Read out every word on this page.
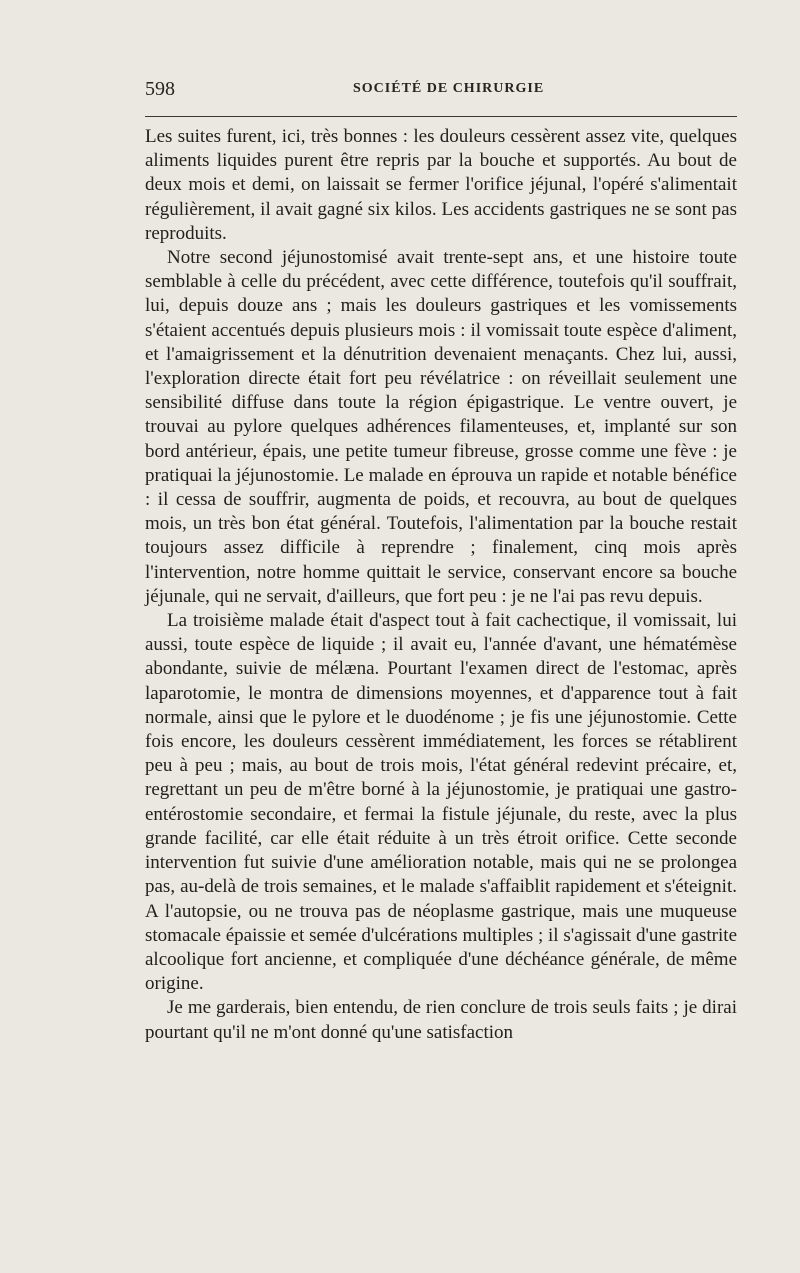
598	SOCIÉTÉ DE CHIRURGIE

Les suites furent, ici, très bonnes : les douleurs cessèrent assez vite, quelques aliments liquides purent être repris par la bouche et supportés. Au bout de deux mois et demi, on laissait se fermer l'orifice jéjunal, l'opéré s'alimentait régulièrement, il avait gagné six kilos. Les accidents gastriques ne se sont pas reproduits.

Notre second jéjunostomisé avait trente-sept ans, et une histoire toute semblable à celle du précédent, avec cette différence, toutefois qu'il souffrait, lui, depuis douze ans ; mais les douleurs gastriques et les vomissements s'étaient accentués depuis plusieurs mois : il vomissait toute espèce d'aliment, et l'amaigrissement et la dénutrition devenaient menaçants. Chez lui, aussi, l'exploration directe était fort peu révélatrice : on réveillait seulement une sensibilité diffuse dans toute la région épigastrique. Le ventre ouvert, je trouvai au pylore quelques adhérences filamenteuses, et, implanté sur son bord antérieur, épais, une petite tumeur fibreuse, grosse comme une fève : je pratiquai la jéjunostomie. Le malade en éprouva un rapide et notable bénéfice : il cessa de souffrir, augmenta de poids, et recouvra, au bout de quelques mois, un très bon état général. Toutefois, l'alimentation par la bouche restait toujours assez difficile à reprendre ; finalement, cinq mois après l'intervention, notre homme quittait le service, conservant encore sa bouche jéjunale, qui ne servait, d'ailleurs, que fort peu : je ne l'ai pas revu depuis.

La troisième malade était d'aspect tout à fait cachectique, il vomissait, lui aussi, toute espèce de liquide ; il avait eu, l'année d'avant, une hématémèse abondante, suivie de mélæna. Pourtant l'examen direct de l'estomac, après laparotomie, le montra de dimensions moyennes, et d'apparence tout à fait normale, ainsi que le pylore et le duodénome ; je fis une jéjunostomie. Cette fois encore, les douleurs cessèrent immédiatement, les forces se rétablirent peu à peu ; mais, au bout de trois mois, l'état général redevint précaire, et, regrettant un peu de m'être borné à la jéjunostomie, je pratiquai une gastro-entérostomie secondaire, et fermai la fistule jéjunale, du reste, avec la plus grande facilité, car elle était réduite à un très étroit orifice. Cette seconde intervention fut suivie d'une amélioration notable, mais qui ne se prolongea pas, au-delà de trois semaines, et le malade s'affaiblit rapidement et s'éteignit. A l'autopsie, ou ne trouva pas de néoplasme gastrique, mais une muqueuse stomacale épaissie et semée d'ulcérations multiples ; il s'agissait d'une gastrite alcoolique fort ancienne, et compliquée d'une déchéance générale, de même origine.

Je me garderais, bien entendu, de rien conclure de trois seuls faits ; je dirai pourtant qu'il ne m'ont donné qu'une satisfaction
